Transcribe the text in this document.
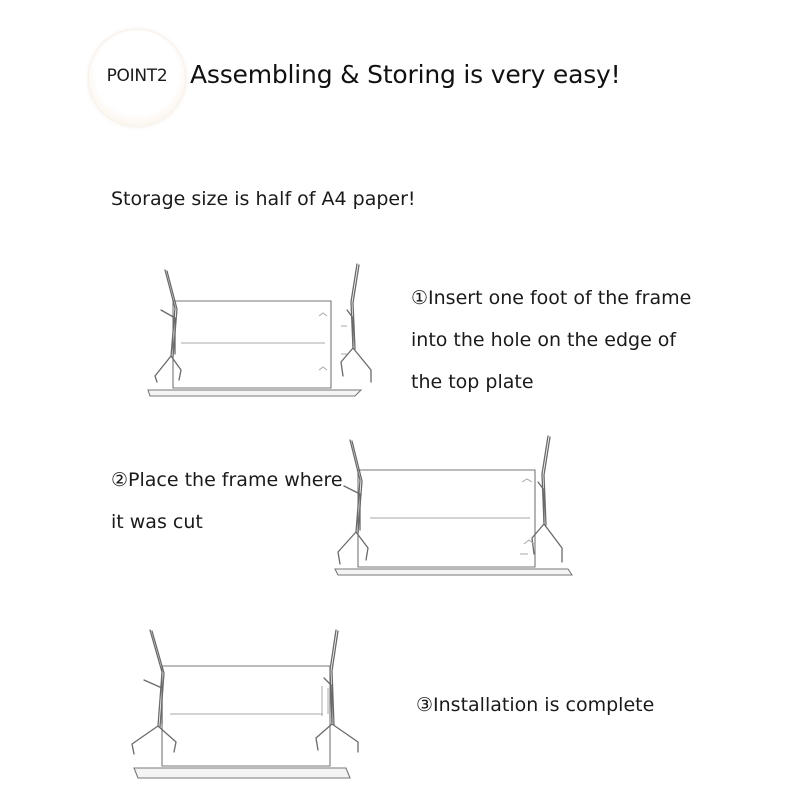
POINT2 Assembling & Storing is very easy!
Storage size is half of A4 paper!

①Insert one foot of the frame

into the hole on the edge of

the top plate

②Place the frame where

it was cut

③Installation is complete
